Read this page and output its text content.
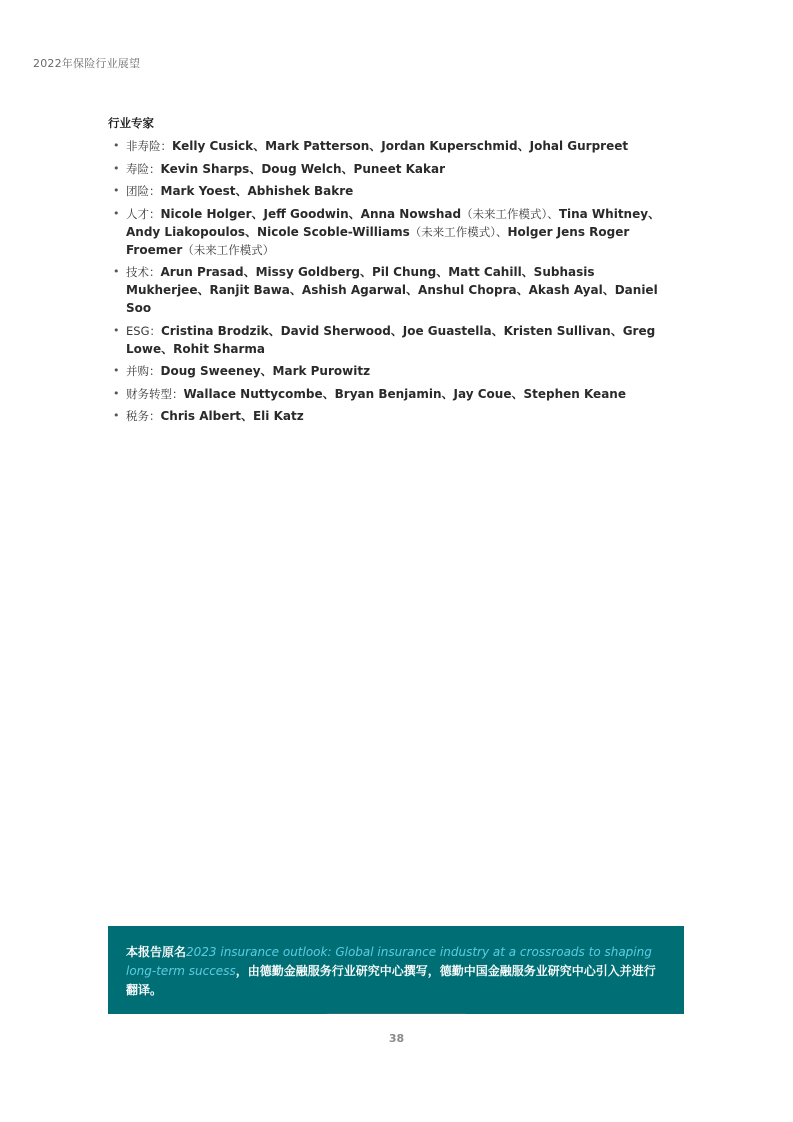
2022年保险行业展望
行业专家
• 非寿险：Kelly Cusick、Mark Patterson、Jordan Kuperschmid、Johal Gurpreet
• 寿险：Kevin Sharps、Doug Welch、Puneet Kakar
• 团险：Mark Yoest、Abhishek Bakre
• 人才：Nicole Holger、Jeff Goodwin、Anna Nowshad（未来工作模式）、Tina Whitney、Andy Liakopoulos、Nicole Scoble-Williams（未来工作模式）、Holger Jens Roger Froemer（未来工作模式）
• 技术：Arun Prasad、Missy Goldberg、Pil Chung、Matt Cahill、Subhasis Mukherjee、Ranjit Bawa、Ashish Agarwal、Anshul Chopra、Akash Ayal、Daniel Soo
• ESG：Cristina Brodzik、David Sherwood、Joe Guastella、Kristen Sullivan、Greg Lowe、Rohit Sharma
• 并购：Doug Sweeney、Mark Purowitz
• 财务转型：Wallace Nuttycombe、Bryan Benjamin、Jay Coue、Stephen Keane
• 税务：Chris Albert、Eli Katz
本报告原名2023 insurance outlook: Global insurance industry at a crossroads to shaping long-term success，由德勤金融服务行业研究中心撰写，德勤中国金融服务业研究中心引入并进行翻译。
38
